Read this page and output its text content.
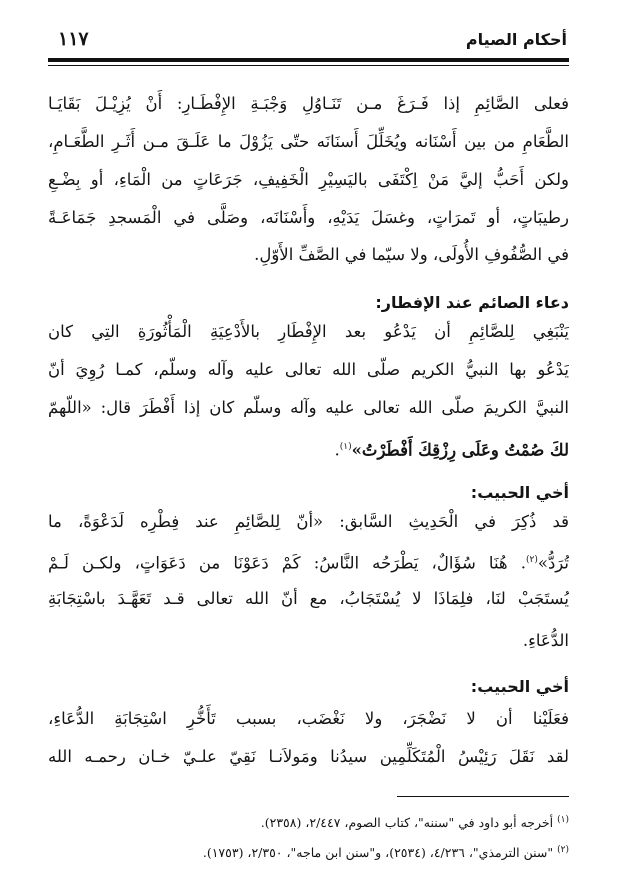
أحكام الصيام
١١٧
فعلى الصَّائِمِ إذا فَـرَغَ مـن تَنَـاوُلِ وَجْبَـةِ الإِفْطَـارِ: أَنْ يُزِيْـلَ بَقَايَـا
الطَّعَامِ من بين أَسْنَانه ويُخَلِّلَ أَسنَانَه حتّى يَزُوْلَ ما عَلَـقَ مـن أَثَـرِ الطَّعَـامِ،
ولكن أَحَبُّ إليَّ مَنْ اِكْتَفَى باليَسِيْرِ الْخَفِيفِ، جَرَعَاتٍ من الْمَاءِ، أو بِضْـعِ
رطيبَاتٍ، أو تَمرَاتٍ، وغسَلَ يَدَيْهِ، وأَسْنَانَه، وصَلَّى في الْمَسجدِ جَمَاعَـةً
في الصُّفُوفِ الأُولَى، ولا سيّما في الصَّفِّ الأَوّلِ.
دعاء الصائم عند الإفطار:
يَنْبَغِي لِلصَّائِمِ أن يَدْعُو بعد الإِفْطَارِ بالأَدْعِيَةِ الْمَأْثُورَةِ التِي كان
يَدْعُو بها النبيُّ الكريم صلّى الله تعالى عليه وآله وسلّم، كمـا رُوِيَ أنّ
النبيَّ الكريمَ صلّى الله تعالى عليه وآله وسلّم كان إذا أَفْطَرَ قال: «اللّهمّ
لكَ صُمْتُ وعَلَى رِزْقِكَ أَفْطَرْتُ»$^{(١)}$.
أخي الحبيب:
قد ذُكِرَ في الْحَدِيثِ السَّابق: «أنّ لِلصَّائِمِ عند فِطْرِه لَدَعْوَةً، ما
تُرَدُّ»$^{(٢)}$. هُنَا سُؤَالٌ، يَطْرَحُه النَّاسُ: كَمْ دَعَوْنَا من دَعَوَاتٍ، ولكـن لَـمْ
يُستَجَبْ لنَا، فلِمَاذَا لا يُسْتَجَابُ، مع أنّ الله تعالى قـد تَعَهَّـدَ باسْتِجَابَةِ
الدُّعَاءِ.
أخي الحبيب:
فعَلَيْنا أن لا نَضْجَرَ، ولا نَغْضَب، بسبب تَأَخُّرِ اسْتِجَابَةِ الدُّعَاءِ،
لقد نَقَلَ رَئِيْسُ الْمُتَكَلِّمِين سيدُنا ومَولاَنـا نَقِيّ علـيّ خـان رحمـه الله
$^{(١)}$ أخرجه أبو داود في "سننه"، كتاب الصوم، ٢/٤٤٧، (٢٣٥٨).
$^{(٢)}$ "سنن الترمذي"، ٤/٢٣٦، (٢٥٣٤)، و"سنن ابن ماجه"، ٢/٣٥٠، (١٧٥٣).
